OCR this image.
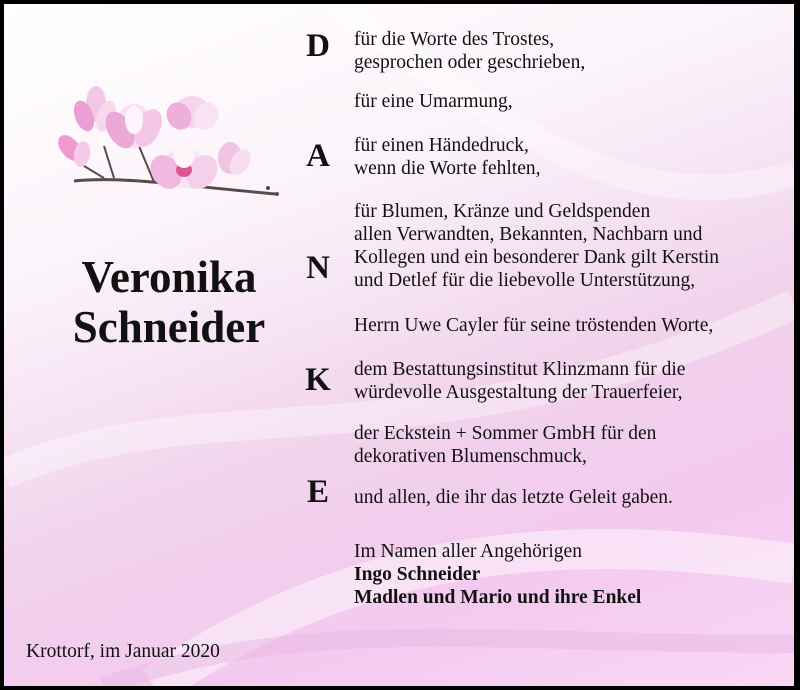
Veronika
Schneider
D
A
N
K
E
für die Worte des Trostes,
gesprochen oder geschrieben,
für eine Umarmung,
für einen Händedruck,
wenn die Worte fehlten,
für Blumen, Kränze und Geldspenden
allen Verwandten, Bekannten, Nachbarn und
Kollegen und ein besonderer Dank gilt Kerstin
und Detlef für die liebevolle Unterstützung,
Herrn Uwe Cayler für seine tröstenden Worte,
dem Bestattungsinstitut Klinzmann für die
würdevolle Ausgestaltung der Trauerfeier,
der Eckstein + Sommer GmbH für den
dekorativen Blumenschmuck,
und allen, die ihr das letzte Geleit gaben.
Im Namen aller Angehörigen
Ingo Schneider
Madlen und Mario und ihre Enkel
Krottorf, im Januar 2020
